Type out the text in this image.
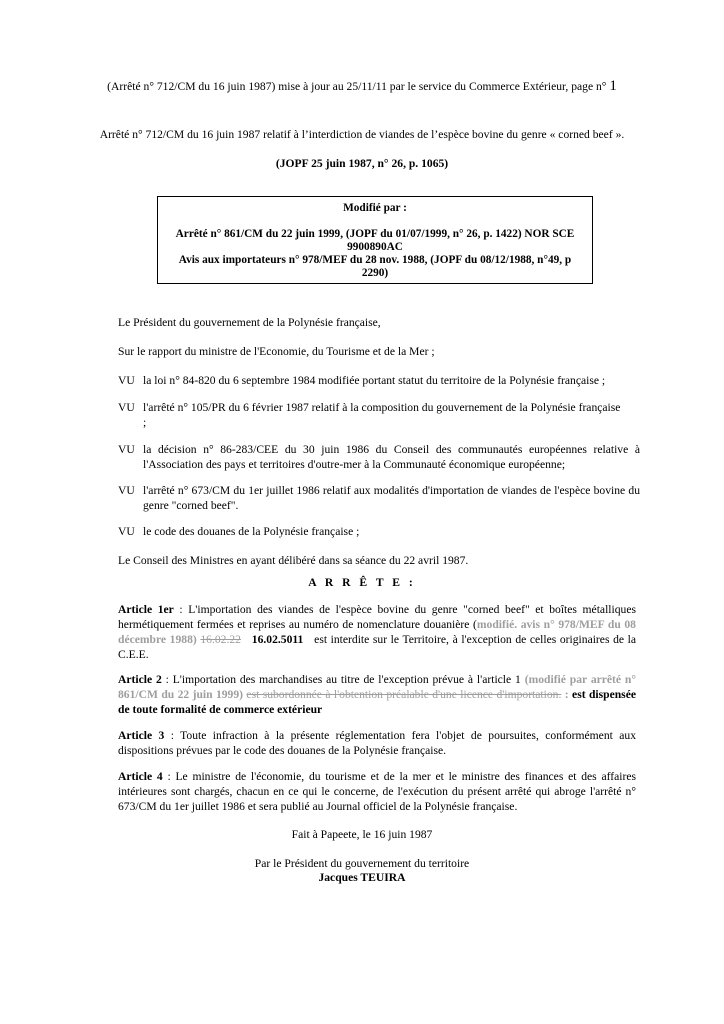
(Arrêté n° 712/CM du 16 juin 1987) mise à jour au 25/11/11 par le service du Commerce Extérieur, page n° 1
Arrêté n° 712/CM du 16 juin 1987 relatif à l’interdiction de viandes de l’espèce bovine du genre « corned beef ».
(JOPF 25 juin 1987, n° 26, p. 1065)
Modifié par :
Arrêté n° 861/CM du 22 juin 1999, (JOPF du 01/07/1999, n° 26, p. 1422) NOR SCE
9900890AC
Avis aux importateurs n° 978/MEF du 28 nov. 1988, (JOPF du 08/12/1988, n°49, p
2290)
Le Président du gouvernement de la Polynésie française,
Sur le rapport du ministre de l'Economie, du Tourisme et de la Mer ;
VU la loi n° 84-820 du 6 septembre 1984 modifiée portant statut du territoire de la Polynésie française ;
VU l'arrêté n° 105/PR du 6 février 1987 relatif à la composition du gouvernement de la Polynésie française
;
VU la décision n° 86-283/CEE du 30 juin 1986 du Conseil des communautés européennes relative à l'Association des pays et territoires d'outre-mer à la Communauté économique européenne;
VU l'arrêté n° 673/CM du 1er juillet 1986 relatif aux modalités d'importation de viandes de l'espèce bovine du genre "corned beef".
VU le code des douanes de la Polynésie française ;
Le Conseil des Ministres en ayant délibéré dans sa séance du 22 avril 1987.
A R R Ê T E :
Article 1er : L'importation des viandes de l'espèce bovine du genre "corned beef" et boîtes métalliques hermétiquement fermées et reprises au numéro de nomenclature douanière (modifié. avis n° 978/MEF du 08 décembre 1988) 16.02.22 16.02.5011 est interdite sur le Territoire, à l'exception de celles originaires de la C.E.E.
Article 2 : L'importation des marchandises au titre de l'exception prévue à l'article 1 (modifié par arrêté n° 861/CM du 22 juin 1999) est subordonnée à l'obtention préalable d'une licence d'importation. : est dispensée de toute formalité de commerce extérieur
Article 3 : Toute infraction à la présente réglementation fera l'objet de poursuites, conformément aux dispositions prévues par le code des douanes de la Polynésie française.
Article 4 : Le ministre de l'économie, du tourisme et de la mer et le ministre des finances et des affaires intérieures sont chargés, chacun en ce qui le concerne, de l'exécution du présent arrêté qui abroge l'arrêté n° 673/CM du 1er juillet 1986 et sera publié au Journal officiel de la Polynésie française.
Fait à Papeete, le 16 juin 1987
Par le Président du gouvernement du territoire
Jacques TEUIRA
